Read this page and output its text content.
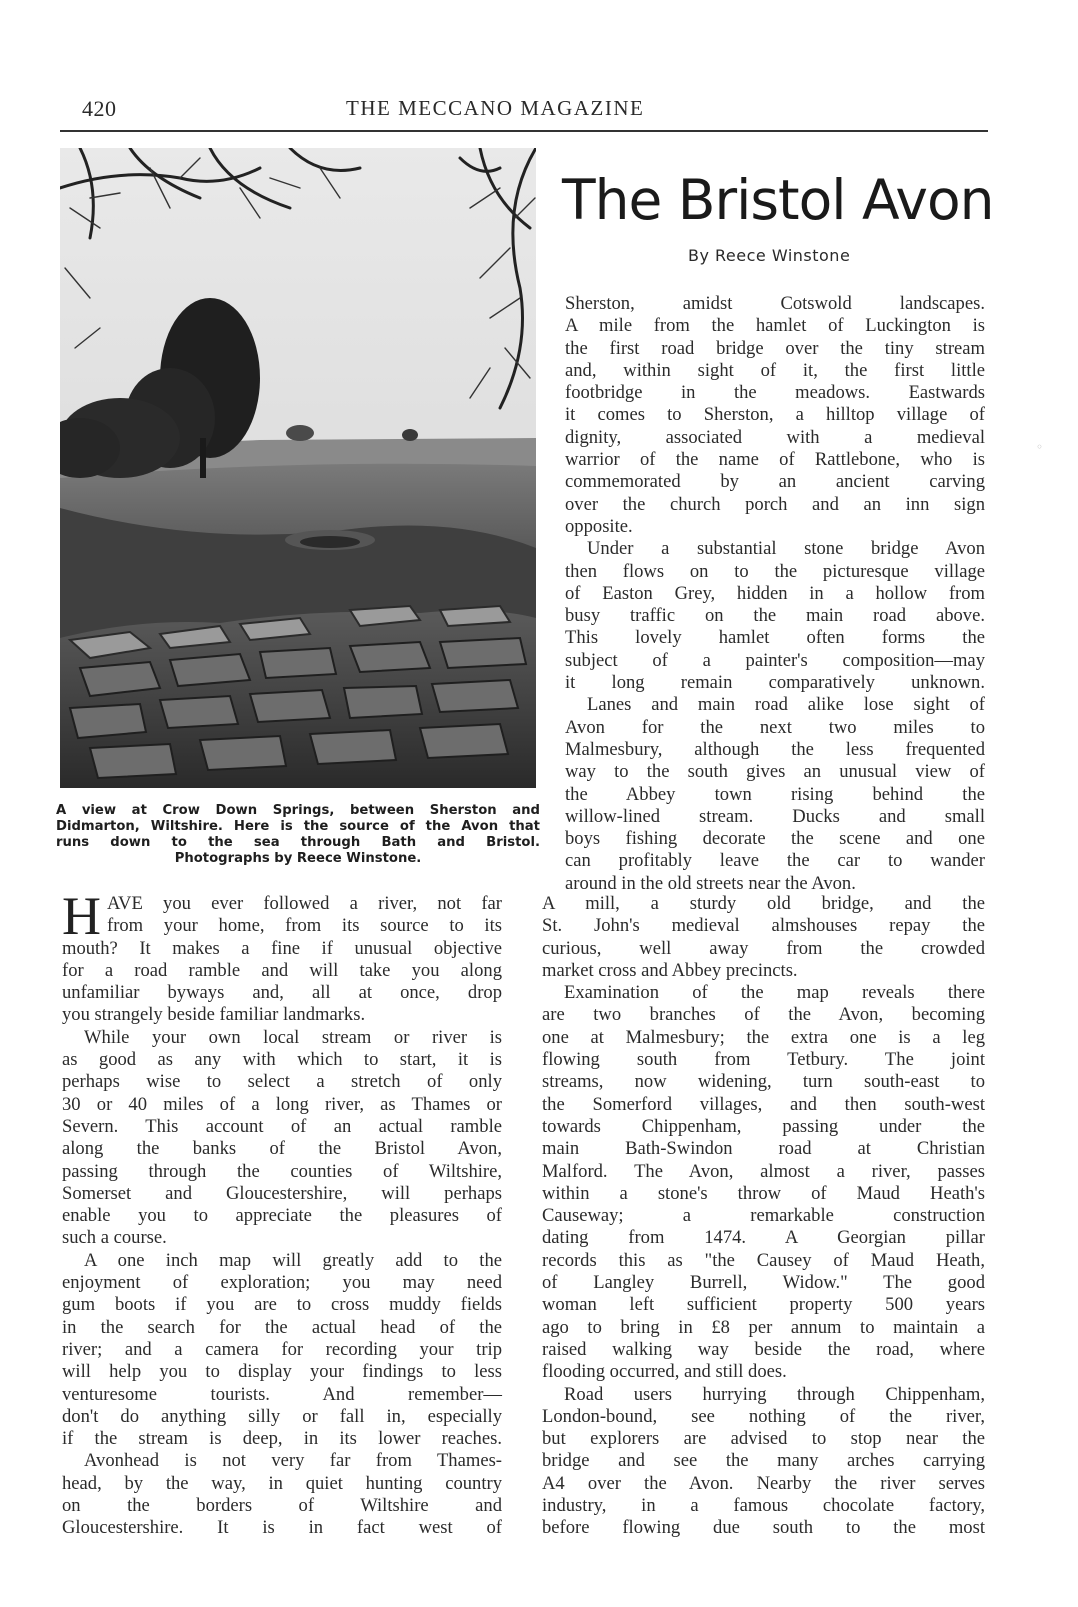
420	THE MECCANO MAGAZINE
A view at Crow Down Springs, between Sherston and
Didmarton, Wiltshire. Here is the source of the Avon that
runs down to the sea through Bath and Bristol.
Photographs by Reece Winstone.
The Bristol Avon
By Reece Winstone
Sherston, amidst Cotswold landscapes.
A mile from the hamlet of Luckington is
the first road bridge over the tiny stream
and, within sight of it, the first little
footbridge in the meadows. Eastwards
it comes to Sherston, a hilltop village of
dignity, associated with a medieval
warrior of the name of Rattlebone, who is
commemorated by an ancient carving
over the church porch and an inn sign
opposite.
Under a substantial stone bridge Avon
then flows on to the picturesque village
of Easton Grey, hidden in a hollow from
busy traffic on the main road above.
This lovely hamlet often forms the
subject of a painter's composition—may
it long remain comparatively unknown.
Lanes and main road alike lose sight of
Avon for the next two miles to
Malmesbury, although the less frequented
way to the south gives an unusual view of
the Abbey town rising behind the
willow-lined stream. Ducks and small
boys fishing decorate the scene and one
can profitably leave the car to wander
around in the old streets near the Avon.
H AVE you ever followed a river, not far
from your home, from its source to its
mouth? It makes a fine if unusual objective
for a road ramble and will take you along
unfamiliar byways and, all at once, drop
you strangely beside familiar landmarks.
While your own local stream or river is
as good as any with which to start, it is
perhaps wise to select a stretch of only
30 or 40 miles of a long river, as Thames or
Severn. This account of an actual ramble
along the banks of the Bristol Avon,
passing through the counties of Wiltshire,
Somerset and Gloucestershire, will perhaps
enable you to appreciate the pleasures of
such a course.
A one inch map will greatly add to the
enjoyment of exploration; you may need
gum boots if you are to cross muddy fields
in the search for the actual head of the
river; and a camera for recording your trip
will help you to display your findings to less
venturesome tourists. And remember—
don't do anything silly or fall in, especially
if the stream is deep, in its lower reaches.
Avonhead is not very far from Thames-
head, by the way, in quiet hunting country
on the borders of Wiltshire and
Gloucestershire. It is in fact west of
A mill, a sturdy old bridge, and the
St. John's medieval almshouses repay the
curious, well away from the crowded
market cross and Abbey precincts.
Examination of the map reveals there
are two branches of the Avon, becoming
one at Malmesbury; the extra one is a leg
flowing south from Tetbury. The joint
streams, now widening, turn south-east to
the Somerford villages, and then south-west
towards Chippenham, passing under the
main Bath-Swindon road at Christian
Malford. The Avon, almost a river, passes
within a stone's throw of Maud Heath's
Causeway; a remarkable construction
dating from 1474. A Georgian pillar
records this as "the Causey of Maud Heath,
of Langley Burrell, Widow." The good
woman left sufficient property 500 years
ago to bring in £8 per annum to maintain a
raised walking way beside the road, where
flooding occurred, and still does.
Road users hurrying through Chippenham,
London-bound, see nothing of the river,
but explorers are advised to stop near the
bridge and see the many arches carrying
A4 over the Avon. Nearby the river serves
industry, in a famous chocolate factory,
before flowing due south to the most
◦
